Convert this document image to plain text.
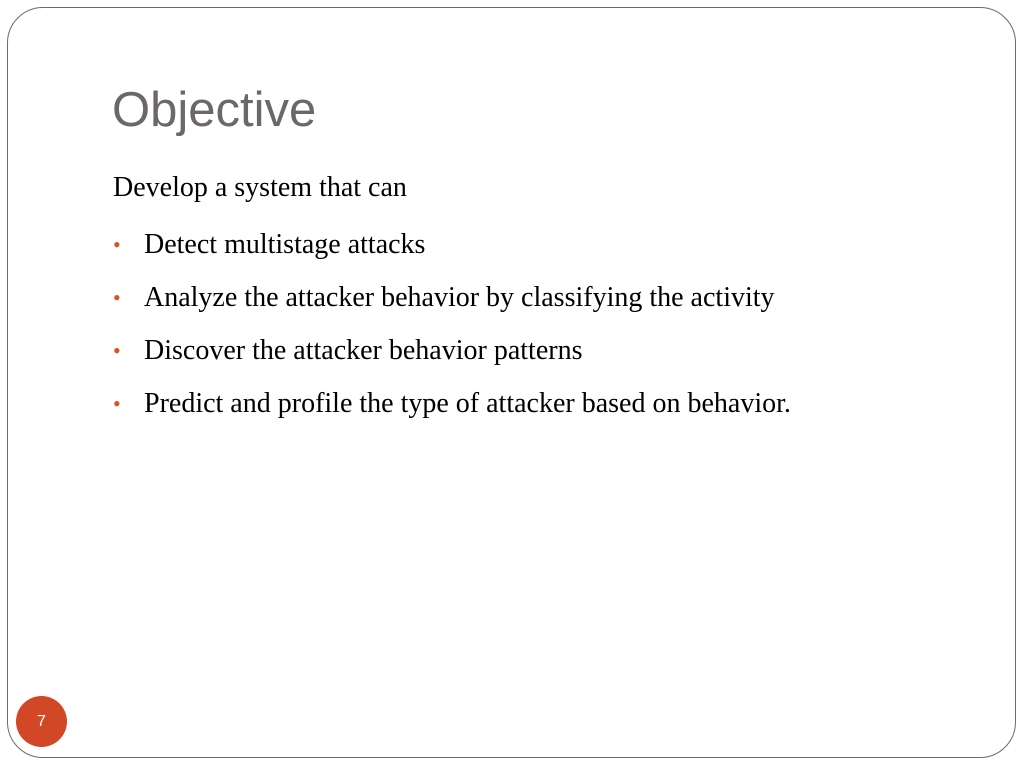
Objective

Develop a system that can

• Detect multistage attacks
• Analyze the attacker behavior by classifying the activity
• Discover the attacker behavior patterns
• Predict and profile the type of attacker based on behavior.
7
